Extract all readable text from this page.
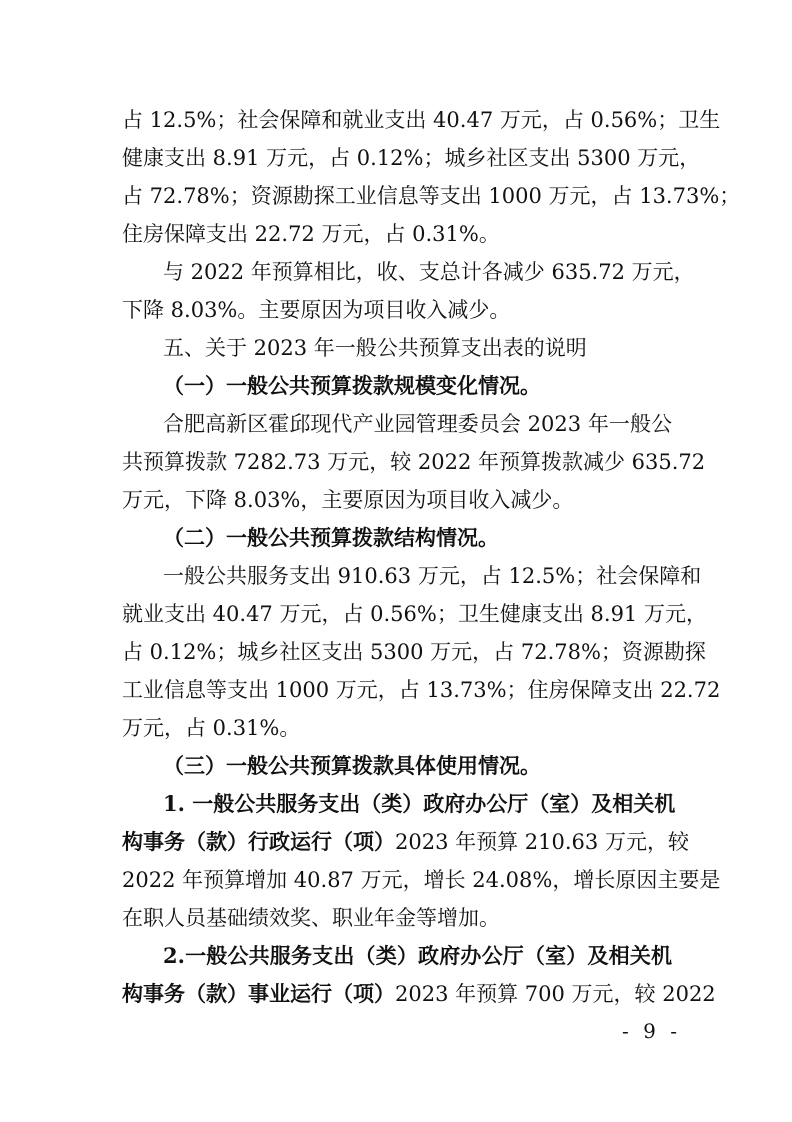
占 12.5%；社会保障和就业支出 40.47 万元，占 0.56%；卫生
健康支出 8.91 万元，占 0.12%；城乡社区支出 5300 万元，
占 72.78%；资源勘探工业信息等支出 1000 万元，占 13.73%；
住房保障支出 22.72 万元，占 0.31%。
与 2022 年预算相比，收、支总计各减少 635.72 万元，
下降 8.03%。主要原因为项目收入减少。
五、关于 2023 年一般公共预算支出表的说明
（一）一般公共预算拨款规模变化情况。
合肥高新区霍邱现代产业园管理委员会 2023 年一般公
共预算拨款 7282.73 万元，较 2022 年预算拨款减少 635.72
万元，下降 8.03%，主要原因为项目收入减少。
（二）一般公共预算拨款结构情况。
一般公共服务支出 910.63 万元，占 12.5%；社会保障和
就业支出 40.47 万元，占 0.56%；卫生健康支出 8.91 万元，
占 0.12%；城乡社区支出 5300 万元，占 72.78%；资源勘探
工业信息等支出 1000 万元，占 13.73%；住房保障支出 22.72
万元，占 0.31%。
（三）一般公共预算拨款具体使用情况。
1. 一般公共服务支出（类）政府办公厅（室）及相关机
构事务（款）行政运行（项）2023 年预算 210.63 万元，较
2022 年预算增加 40.87 万元，增长 24.08%，增长原因主要是
在职人员基础绩效奖、职业年金等增加。
2.一般公共服务支出（类）政府办公厅（室）及相关机
构事务（款）事业运行（项）2023 年预算 700 万元，较 2022
- 9 -
